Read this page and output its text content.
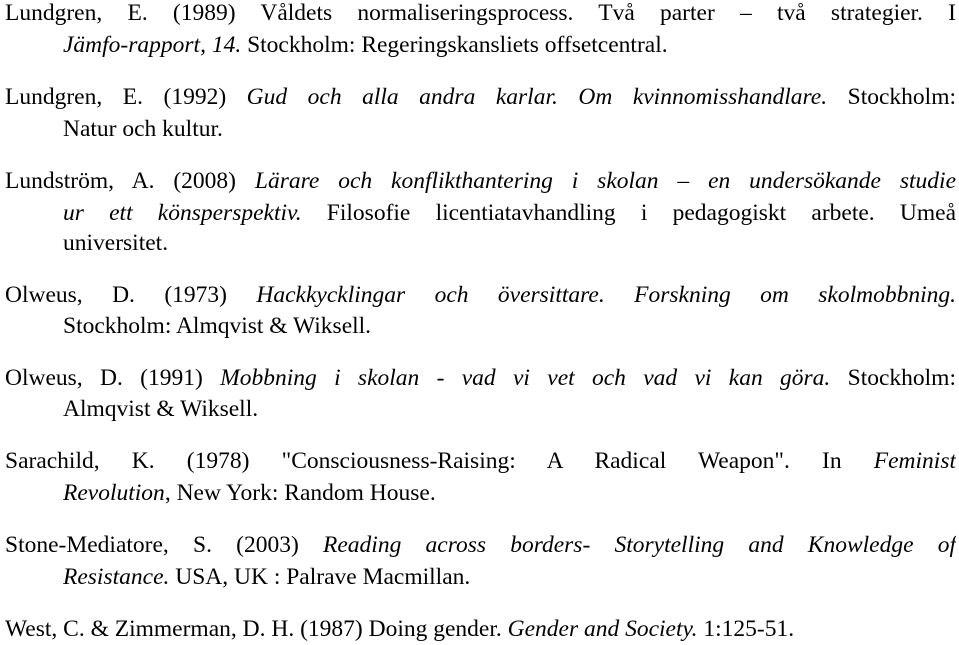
Lundgren, E. (1989) Våldets normaliseringsprocess. Två parter – två strategier. I
Jämfo-rapport, 14. Stockholm: Regeringskansliets offsetcentral.
Lundgren, E. (1992) Gud och alla andra karlar. Om kvinnomisshandlare. Stockholm:
Natur och kultur.
Lundström, A. (2008) Lärare och konflikthantering i skolan – en undersökande studie
ur ett könsperspektiv. Filosofie licentiatavhandling i pedagogiskt arbete. Umeå
universitet.
Olweus, D. (1973) Hackkycklingar och översittare. Forskning om skolmobbning.
Stockholm: Almqvist & Wiksell.
Olweus, D. (1991) Mobbning i skolan - vad vi vet och vad vi kan göra. Stockholm:
Almqvist & Wiksell.
Sarachild, K. (1978) "Consciousness-Raising: A Radical Weapon". In Feminist
Revolution, New York: Random House.
Stone-Mediatore, S. (2003) Reading across borders- Storytelling and Knowledge of
Resistance. USA, UK : Palrave Macmillan.
West, C. & Zimmerman, D. H. (1987) Doing gender. Gender and Society. 1:125-51.
